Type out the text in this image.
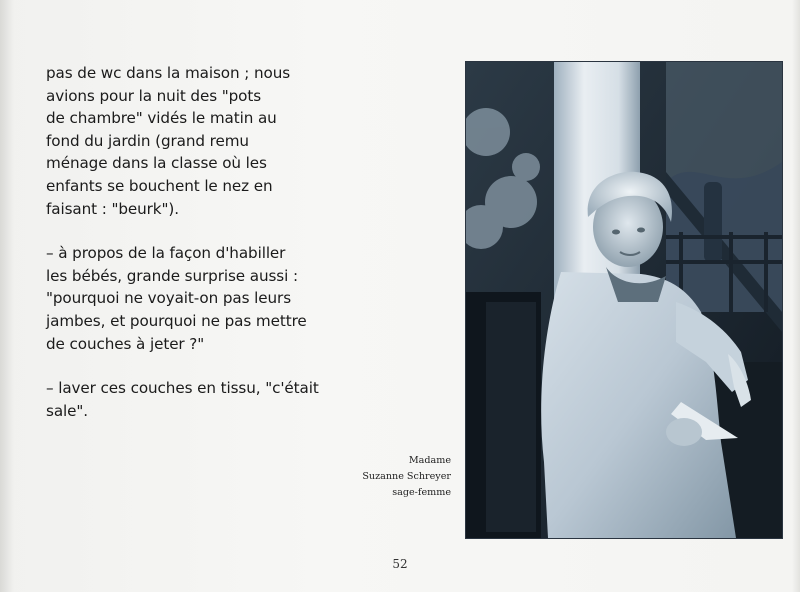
pas de wc dans la maison ; nous
avions pour la nuit des "pots
de chambre" vidés le matin au
fond du jardin (grand remu
ménage dans la classe où les
enfants se bouchent le nez en
faisant : "beurk").

– à propos de la façon d'habiller
les bébés, grande surprise aussi :
"pourquoi ne voyait-on pas leurs
jambes, et pourquoi ne pas mettre
de couches à jeter ?"

– laver ces couches en tissu, "c'était
sale".

Madame
Suzanne Schreyer
sage-femme
52
